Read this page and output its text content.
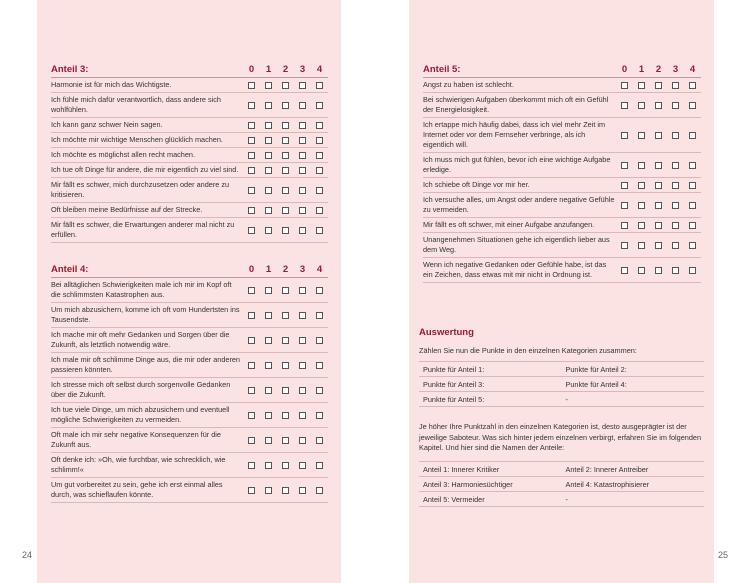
Anteil 3:	0	1	2	3	4
Harmonie ist für mich das Wichtigste.
Ich fühle mich dafür verantwortlich, dass andere sich wohlfühlen.
Ich kann ganz schwer Nein sagen.
Ich möchte mir wichtige Menschen glücklich machen.
Ich möchte es möglichst allen recht machen.
Ich tue oft Dinge für andere, die mir eigentlich zu viel sind.
Mir fällt es schwer, mich durchzusetzen oder andere zu kritisieren.
Oft bleiben meine Bedürfnisse auf der Strecke.
Mir fällt es schwer, die Erwartungen anderer mal nicht zu erfüllen.
Anteil 4:	0	1	2	3	4
Bei alltäglichen Schwierigkeiten male ich mir im Kopf oft die schlimmsten Katastrophen aus.
Um mich abzusichern, komme ich oft vom Hundertsten ins Tausendste.
Ich mache mir oft mehr Gedanken und Sorgen über die Zukunft, als letztlich notwendig wäre.
Ich male mir oft schlimme Dinge aus, die mir oder anderen passieren könnten.
Ich stresse mich oft selbst durch sorgenvolle Gedanken über die Zukunft.
Ich tue viele Dinge, um mich abzusichern und eventuell mögliche Schwierigkeiten zu vermeiden.
Oft male ich mir sehr negative Konsequenzen für die Zukunft aus.
Oft denke ich: »Oh, wie furchtbar, wie schrecklich, wie schlimm!«
Um gut vorbereitet zu sein, gehe ich erst einmal alles durch, was schieflaufen könnte.
24
Anteil 5:	0	1	2	3	4
Angst zu haben ist schlecht.
Bei schwierigen Aufgaben überkommt mich oft ein Gefühl der Energielosigkeit.
Ich ertappe mich häufig dabei, dass ich viel mehr Zeit im Internet oder vor dem Fernseher verbringe, als ich eigentlich will.
Ich muss mich gut fühlen, bevor ich eine wichtige Aufgabe erledige.
Ich schiebe oft Dinge vor mir her.
Ich versuche alles, um Angst oder andere negative Gefühle zu vermeiden.
Mir fällt es oft schwer, mit einer Aufgabe anzufangen.
Unangenehmen Situationen gehe ich eigentlich lieber aus dem Weg.
Wenn ich negative Gedanken oder Gefühle habe, ist das ein Zeichen, dass etwas mit mir nicht in Ordnung ist.
Auswertung
Zählen Sie nun die Punkte in den einzelnen Kategorien zusammen:
Punkte für Anteil 1:	Punkte für Anteil 2:
Punkte für Anteil 3:	Punkte für Anteil 4:
Punkte für Anteil 5:	-
Je höher Ihre Punktzahl in den einzelnen Kategorien ist, desto ausgeprägter ist der jeweilige Saboteur. Was sich hinter jedem einzelnen verbirgt, erfahren Sie im folgenden Kapitel. Und hier sind die Namen der Anteile:
Anteil 1: Innerer Kritiker	Anteil 2: Innerer Antreiber
Anteil 3: Harmoniesüchtiger	Anteil 4: Katastrophisierer
Anteil 5: Vermeider	-
25
